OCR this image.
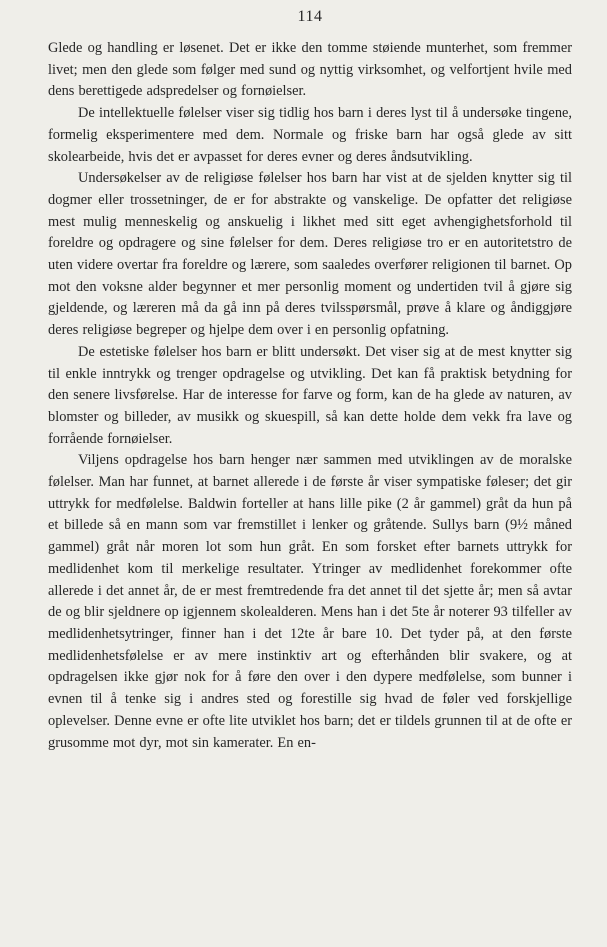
114

Glede og handling er løsenet. Det er ikke den tomme støiende munterhet, som fremmer livet; men den glede som følger med sund og nyttig virksomhet, og velfortjent hvile med dens berettigede adspredelser og fornøielser.

De intellektuelle følelser viser sig tidlig hos barn i deres lyst til å undersøke tingene, formelig eksperimentere med dem. Normale og friske barn har også glede av sitt skolearbeide, hvis det er avpasset for deres evner og deres åndsutvikling.

Undersøkelser av de religiøse følelser hos barn har vist at de sjelden knytter sig til dogmer eller trossetninger, de er for abstrakte og vanskelige. De opfatter det religiøse mest mulig menneskelig og anskuelig i likhet med sitt eget avhengighetsforhold til foreldre og opdragere og sine følelser for dem. Deres religiøse tro er en autoritetstro de uten videre overtar fra foreldre og lærere, som saaledes overfører religionen til barnet. Op mot den voksne alder begynner et mer personlig moment og undertiden tvil å gjøre sig gjeldende, og læreren må da gå inn på deres tvilsspørsmål, prøve å klare og åndiggjøre deres religiøse begreper og hjelpe dem over i en personlig opfatning.

De estetiske følelser hos barn er blitt undersøkt. Det viser sig at de mest knytter sig til enkle inntrykk og trenger opdragelse og utvikling. Det kan få praktisk betydning for den senere livsførelse. Har de interesse for farve og form, kan de ha glede av naturen, av blomster og billeder, av musikk og skuespill, så kan dette holde dem vekk fra lave og forrående fornøielser.

Viljens opdragelse hos barn henger nær sammen med utviklingen av de moralske følelser. Man har funnet, at barnet allerede i de første år viser sympatiske føleser; det gir uttrykk for medfølelse. Baldwin forteller at hans lille pike (2 år gammel) gråt da hun på et billede så en mann som var fremstillet i lenker og gråtende. Sullys barn (9½ måned gammel) gråt når moren lot som hun gråt. En som forsket efter barnets uttrykk for medlidenhet kom til merkelige resultater. Ytringer av medlidenhet forekommer ofte allerede i det annet år, de er mest fremtredende fra det annet til det sjette år; men så avtar de og blir sjeldnere op igjennem skolealderen. Mens han i det 5te år noterer 93 tilfeller av medlidenhetsytringer, finner han i det 12te år bare 10. Det tyder på, at den første medlidenhetsfølelse er av mere instinktiv art og efterhånden blir svakere, og at opdragelsen ikke gjør nok for å føre den over i den dypere medfølelse, som bunner i evnen til å tenke sig i andres sted og forestille sig hvad de føler ved forskjellige oplevelser. Denne evne er ofte lite utviklet hos barn; det er tildels grunnen til at de ofte er grusomme mot dyr, mot sin kamerater. En en-
